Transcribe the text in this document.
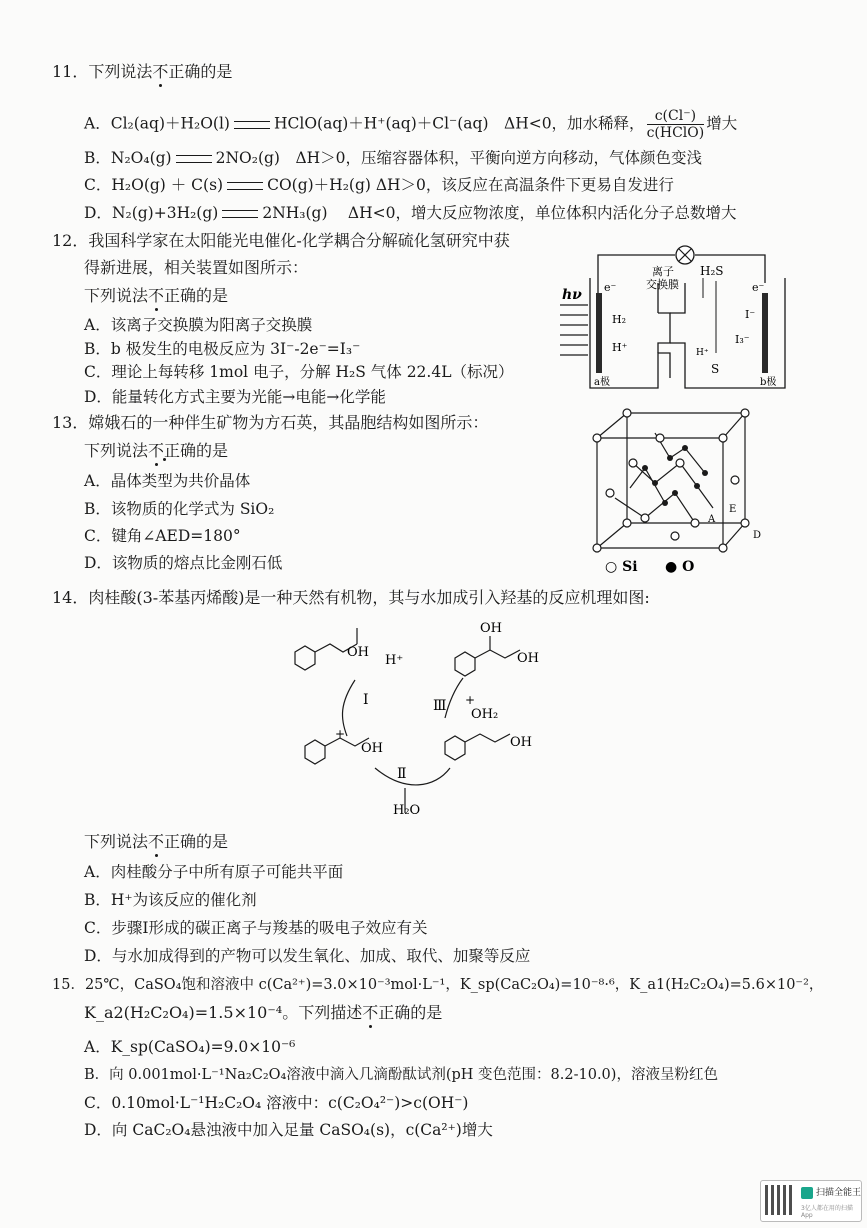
11．下列说法不正确的是
A．Cl₂(aq)＋H₂O(l)	HClO(aq)＋H⁺(aq)＋Cl⁻(aq)　ΔH<0，加水稀释， $\frac{c(Cl^-)}{\text{c(HClO)}}$ 增大
B．N₂O₄(g)	2NO₂(g)　ΔH＞0，压缩容器体积，平衡向逆方向移动，气体颜色变浅
C．H₂O(g) ＋ C(s)	CO(g)＋H₂(g) ΔH＞0，该反应在高温条件下更易自发进行
D．N₂(g)+3H₂(g)	2NH₃(g)　 ΔH<0，增大反应物浓度，单位体积内活化分子总数增大
12．我国科学家在太阳能光电催化-化学耦合分解硫化氢研究中获
得新进展，相关装置如图所示：
下列说法不正确的是
A．该离子交换膜为阳离子交换膜
B．b 极发生的电极反应为 3I⁻-2e⁻=I₃⁻
C．理论上每转移 1mol 电子，分解 H₂S 气体 22.4L（标况）
D．能量转化方式主要为光能→电能→化学能
hν e⁻	e⁻
离子
交换膜
H₂S
H₂
H⁺	H⁺
S
I⁻
I₃⁻
a极	b极
13．嫦娥石的一种伴生矿物为方石英，其晶胞结构如图所示：
下列说法不正确的是
A．晶体类型为共价晶体
B．该物质的化学式为 SiO₂
C．键角∠AED=180°
D．该物质的熔点比金刚石低
A
E
D
○ Si ● O
14．肉桂酸(3-苯基丙烯酸)是一种天然有机物，其与水加成引入羟基的反应机理如图:
OH
H⁺
OH
OH
Ⅰ	Ⅲ
+
OH
+
OH₂
OH
Ⅱ
H₂O
下列说法不正确的是
A．肉桂酸分子中所有原子可能共平面
B．H⁺为该反应的催化剂
C．步骤Ⅰ形成的碳正离子与羧基的吸电子效应有关
D．与水加成得到的产物可以发生氧化、加成、取代、加聚等反应
15．25℃，CaSO₄饱和溶液中 c(Ca²⁺)=3.0×10⁻³mol·L⁻¹，K_sp(CaC₂O₄)=10⁻⁸·⁶，K_a1(H₂C₂O₄)=5.6×10⁻²，
K_a2(H₂C₂O₄)=1.5×10⁻⁴。下列描述不正确的是
A．K_sp(CaSO₄)=9.0×10⁻⁶
B．向 0.001mol·L⁻¹Na₂C₂O₄溶液中滴入几滴酚酞试剂(pH 变色范围：8.2-10.0)，溶液呈粉红色
C．0.10mol·L⁻¹H₂C₂O₄ 溶液中：c(C₂O₄²⁻)>c(OH⁻)
D．向 CaC₂O₄悬浊液中加入足量 CaSO₄(s)，c(Ca²⁺)增大
扫描全能王
3亿人都在用的扫描App
